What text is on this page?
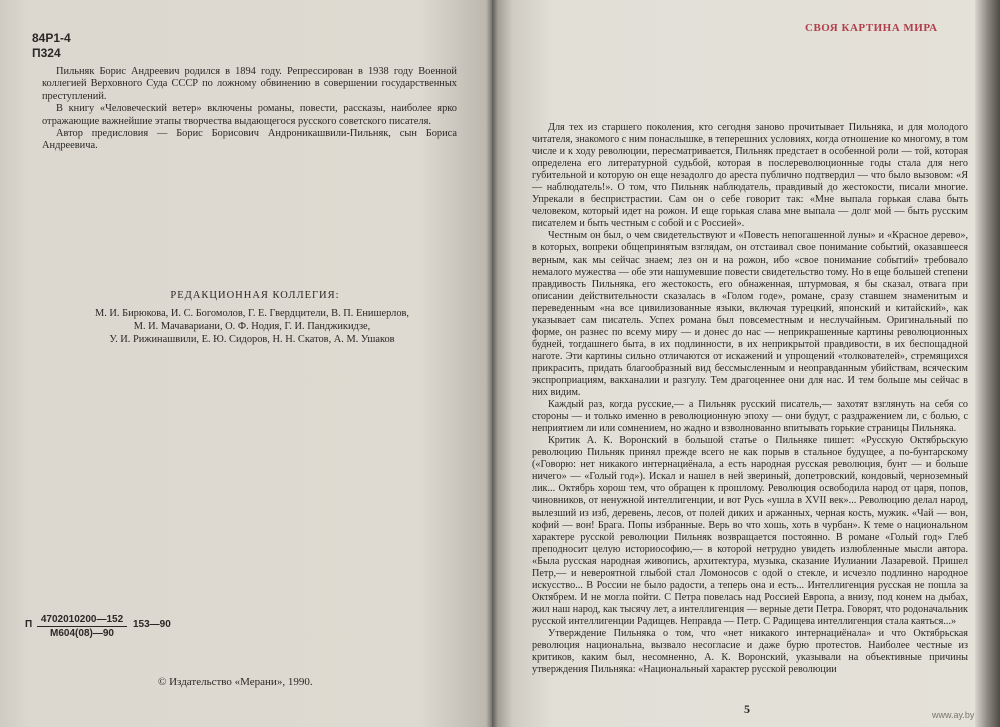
84Р1-4
П324

Пильняк Борис Андреевич родился в 1894 году. Репрессирован в 1938 году Военной коллегией Верховного Суда СССР по ложному обвинению в совершении государственных преступлений.

В книгу «Человеческий ветер» включены романы, повести, рассказы, наиболее ярко отражающие важнейшие этапы творчества выдающегося русского советского писателя.

Автор предисловия — Борис Борисович Андроникашвили-Пильняк, сын Бориса Андреевича.

РЕДАКЦИОННАЯ КОЛЛЕГИЯ:
М. И. Бирюкова, И. С. Богомолов, Г. Е. Гвердцители, В. П. Енишерлов,
М. И. Мачавариани, О. Ф. Нодия, Г. И. Панджикидзе,
У. И. Рижинашвили, Е. Ю. Сидоров, Н. Н. Скатов, А. М. Ушаков
П 4702010200—152
М604(08)—90
153—90
© Издательство «Мерани», 1990.
СВОЯ КАРТИНА МИРА

Для тех из старшего поколения, кто сегодня заново прочитывает Пильняка, и для молодого читателя, знакомого с ним понаслышке, в теперешних условиях, когда отношение ко многому, в том числе и к ходу революции, пересматривается, Пильняк предстает в особенной роли — той, которая определена его литературной судьбой, которая в послереволюционные годы стала для него губительной и которую он еще незадолго до ареста публично подтвердил — что было вызовом: «Я — наблюдатель!». О том, что Пильняк наблюдатель, правдивый до жестокости, писали многие. Упрекали в беспристрастии. Сам он о себе говорит так: «Мне выпала горькая слава быть человеком, который идет на рожон. И еще горькая слава мне выпала — долг мой — быть русским писателем и быть честным с собой и с Россией».

Честным он был, о чем свидетельствуют и «Повесть непогашенной луны» и «Красное дерево», в которых, вопреки общепринятым взглядам, он отстаивал свое понимание событий, оказавшееся верным, как мы сейчас знаем; лез он и на рожон, ибо «свое понимание событий» требовало немалого мужества — обе эти нашумевшие повести свидетельство тому. Но в еще большей степени правдивость Пильняка, его жестокость, его обнаженная, штурмовая, я бы сказал, отвага при описании действительности сказалась в «Голом годе», романе, сразу ставшем знаменитым и переведенным «на все цивилизованные языки, включая турецкий, японский и китайский», как указывает сам писатель. Успех романа был повсеместным и неслучайным. Оригинальный по форме, он разнес по всему миру — и донес до нас — неприкрашенные картины революционных будней, тогдашнего быта, в их подлинности, в их неприкрытой правдивости, в их беспощадной наготе. Эти картины сильно отличаются от искажений и упрощений «толкователей», стремящихся прикрасить, придать благообразный вид бессмысленным и неоправданным убийствам, всяческим экспроприациям, вакханалии и разгулу. Тем драгоценнее они для нас. И тем больше мы сейчас в них видим.

Каждый раз, когда русские,— а Пильняк русский писатель,— захотят взглянуть на себя со стороны — и только именно в революционную эпоху — они будут, с раздражением ли, с болью, с неприятием ли или сомнением, но жадно и взволнованно впитывать горькие страницы Пильняка.

Критик А. К. Воронский в большой статье о Пильняке пишет: «Русскую Октябрьскую революцию Пильняк принял прежде всего не как порыв в стальное будущее, а по-бунтарскому («Говорю: нет никакого интернациёнала, а есть народная русская революция, бунт — и больше ничего» — «Голый год»). Искал и нашел в ней звериный, допетровский, кондовый, черноземный лик... Октябрь хорош тем, что обращен к прошлому. Революция освободила народ от царя, попов, чиновников, от ненужной интеллигенции, и вот Русь «ушла в XVII век»... Революцию делал народ, вылезший из изб, деревень, лесов, от полей диких и аржанных, черная кость, мужик. «Чай — вон, кофий — вон! Брага. Попы избранные. Верь во что хошь, хоть в чурбан». К теме о национальном характере русской революции Пильняк возвращается постоянно. В романе «Голый год» Глеб преподносит целую историософию,— в которой нетрудно увидеть излюбленные мысли автора. «Была русская народная живопись, архитектура, музыка, сказание Иулиании Лазаревой. Пришел Петр,— и невероятной глыбой стал Ломоносов с одой о стекле, и исчезло подлинно народное искусство... В России не было радости, а теперь она и есть... Интеллигенция русская не пошла за Октябрем. И не могла пойти. С Петра повелась над Россией Европа, а внизу, под конем на дыбах, жил наш народ, как тысячу лет, а интеллигенция — верные дети Петра. Говорят, что родоначальник русской интеллигенции Радищев. Неправда — Петр. С Радищева интеллигенция стала каяться...»

Утверждение Пильняка о том, что «нет никакого интернациёнала» и что Октябрьская революция национальна, вызвало несогласие и даже бурю протестов. Наиболее честные из критиков, каким был, несомненно, А. К. Воронский, указывали на объективные причины утверждения Пильняка: «Национальный характер русской революции

5	www.ay.by
